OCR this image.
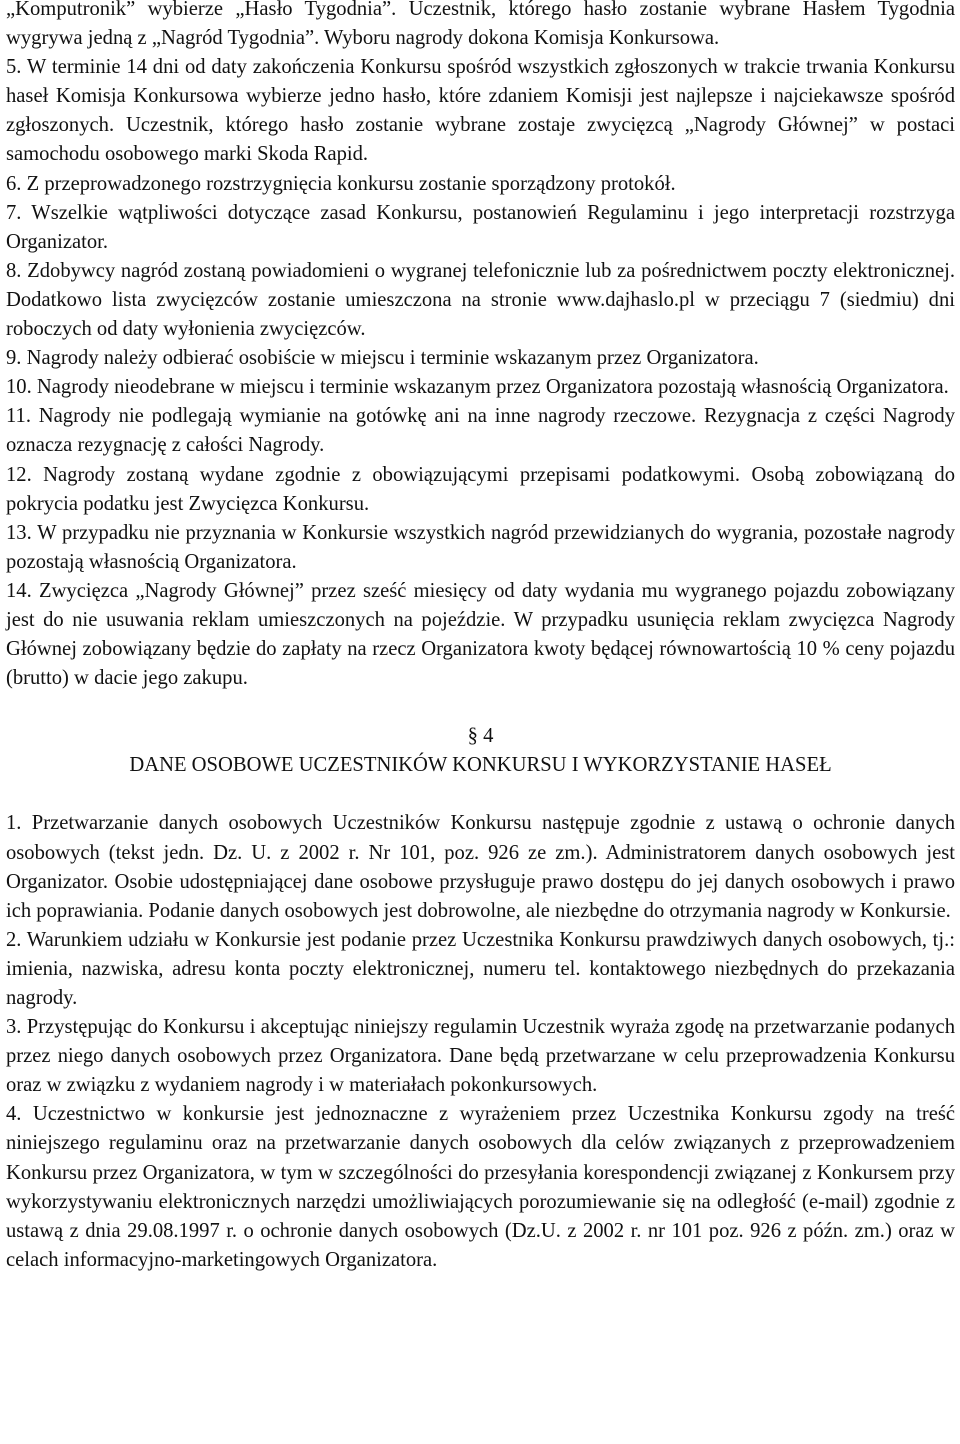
„Komputronik” wybierze „Hasło Tygodnia”. Uczestnik, którego hasło zostanie wybrane Hasłem Tygodnia wygrywa jedną z „Nagród Tygodnia”. Wyboru nagrody dokona Komisja Konkursowa.

5. W terminie 14 dni od daty zakończenia Konkursu spośród wszystkich zgłoszonych w trakcie trwania Konkursu haseł Komisja Konkursowa wybierze jedno hasło, które zdaniem Komisji jest najlepsze i najciekawsze spośród zgłoszonych. Uczestnik, którego hasło zostanie wybrane zostaje zwycięzcą „Nagrody Głównej” w postaci samochodu osobowego marki Skoda Rapid.

6. Z przeprowadzonego rozstrzygnięcia konkursu zostanie sporządzony protokół.

7. Wszelkie wątpliwości dotyczące zasad Konkursu, postanowień Regulaminu i jego interpretacji rozstrzyga Organizator.

8. Zdobywcy nagród zostaną powiadomieni o wygranej telefonicznie lub za pośrednictwem poczty elektronicznej. Dodatkowo lista zwycięzców zostanie umieszczona na stronie www.dajhaslo.pl w przeciągu 7 (siedmiu) dni roboczych od daty wyłonienia zwycięzców.

9. Nagrody należy odbierać osobiście w miejscu i terminie wskazanym przez Organizatora.

10. Nagrody nieodebrane w miejscu i terminie wskazanym przez Organizatora pozostają własnością Organizatora.

11. Nagrody nie podlegają wymianie na gotówkę ani na inne nagrody rzeczowe. Rezygnacja z części Nagrody oznacza rezygnację z całości Nagrody.

12. Nagrody zostaną wydane zgodnie z obowiązującymi przepisami podatkowymi. Osobą zobowiązaną do pokrycia podatku jest Zwycięzca Konkursu.

13. W przypadku nie przyznania w Konkursie wszystkich nagród przewidzianych do wygrania, pozostałe nagrody pozostają własnością Organizatora.

14. Zwycięzca „Nagrody Głównej” przez sześć miesięcy od daty wydania mu wygranego pojazdu zobowiązany jest do nie usuwania reklam umieszczonych na pojeździe. W przypadku usunięcia reklam zwycięzca Nagrody Głównej zobowiązany będzie do zapłaty na rzecz Organizatora kwoty będącej równowartością 10 % ceny pojazdu (brutto) w dacie jego zakupu.

§ 4

DANE OSOBOWE UCZESTNIKÓW KONKURSU I WYKORZYSTANIE HASEŁ

1. Przetwarzanie danych osobowych Uczestników Konkursu następuje zgodnie z ustawą o ochronie danych osobowych (tekst jedn. Dz. U. z 2002 r. Nr 101, poz. 926 ze zm.). Administratorem danych osobowych jest Organizator. Osobie udostępniającej dane osobowe przysługuje prawo dostępu do jej danych osobowych i prawo ich poprawiania. Podanie danych osobowych jest dobrowolne, ale niezbędne do otrzymania nagrody w Konkursie.

2. Warunkiem udziału w Konkursie jest podanie przez Uczestnika Konkursu prawdziwych danych osobowych, tj.: imienia, nazwiska, adresu konta poczty elektronicznej, numeru tel. kontaktowego niezbędnych do przekazania nagrody.

3. Przystępując do Konkursu i akceptując niniejszy regulamin Uczestnik wyraża zgodę na przetwarzanie podanych przez niego danych osobowych przez Organizatora. Dane będą przetwarzane w celu przeprowadzenia Konkursu oraz w związku z wydaniem nagrody i w materiałach pokonkursowych.

4. Uczestnictwo w konkursie jest jednoznaczne z wyrażeniem przez Uczestnika Konkursu zgody na treść niniejszego regulaminu oraz na przetwarzanie danych osobowych dla celów związanych z przeprowadzeniem Konkursu przez Organizatora, w tym w szczególności do przesyłania korespondencji związanej z Konkursem przy wykorzystywaniu elektronicznych narzędzi umożliwiających porozumiewanie się na odległość (e-mail) zgodnie z ustawą z dnia 29.08.1997 r. o ochronie danych osobowych (Dz.U. z 2002 r. nr 101 poz. 926 z późn. zm.) oraz w celach informacyjno-marketingowych Organizatora.
